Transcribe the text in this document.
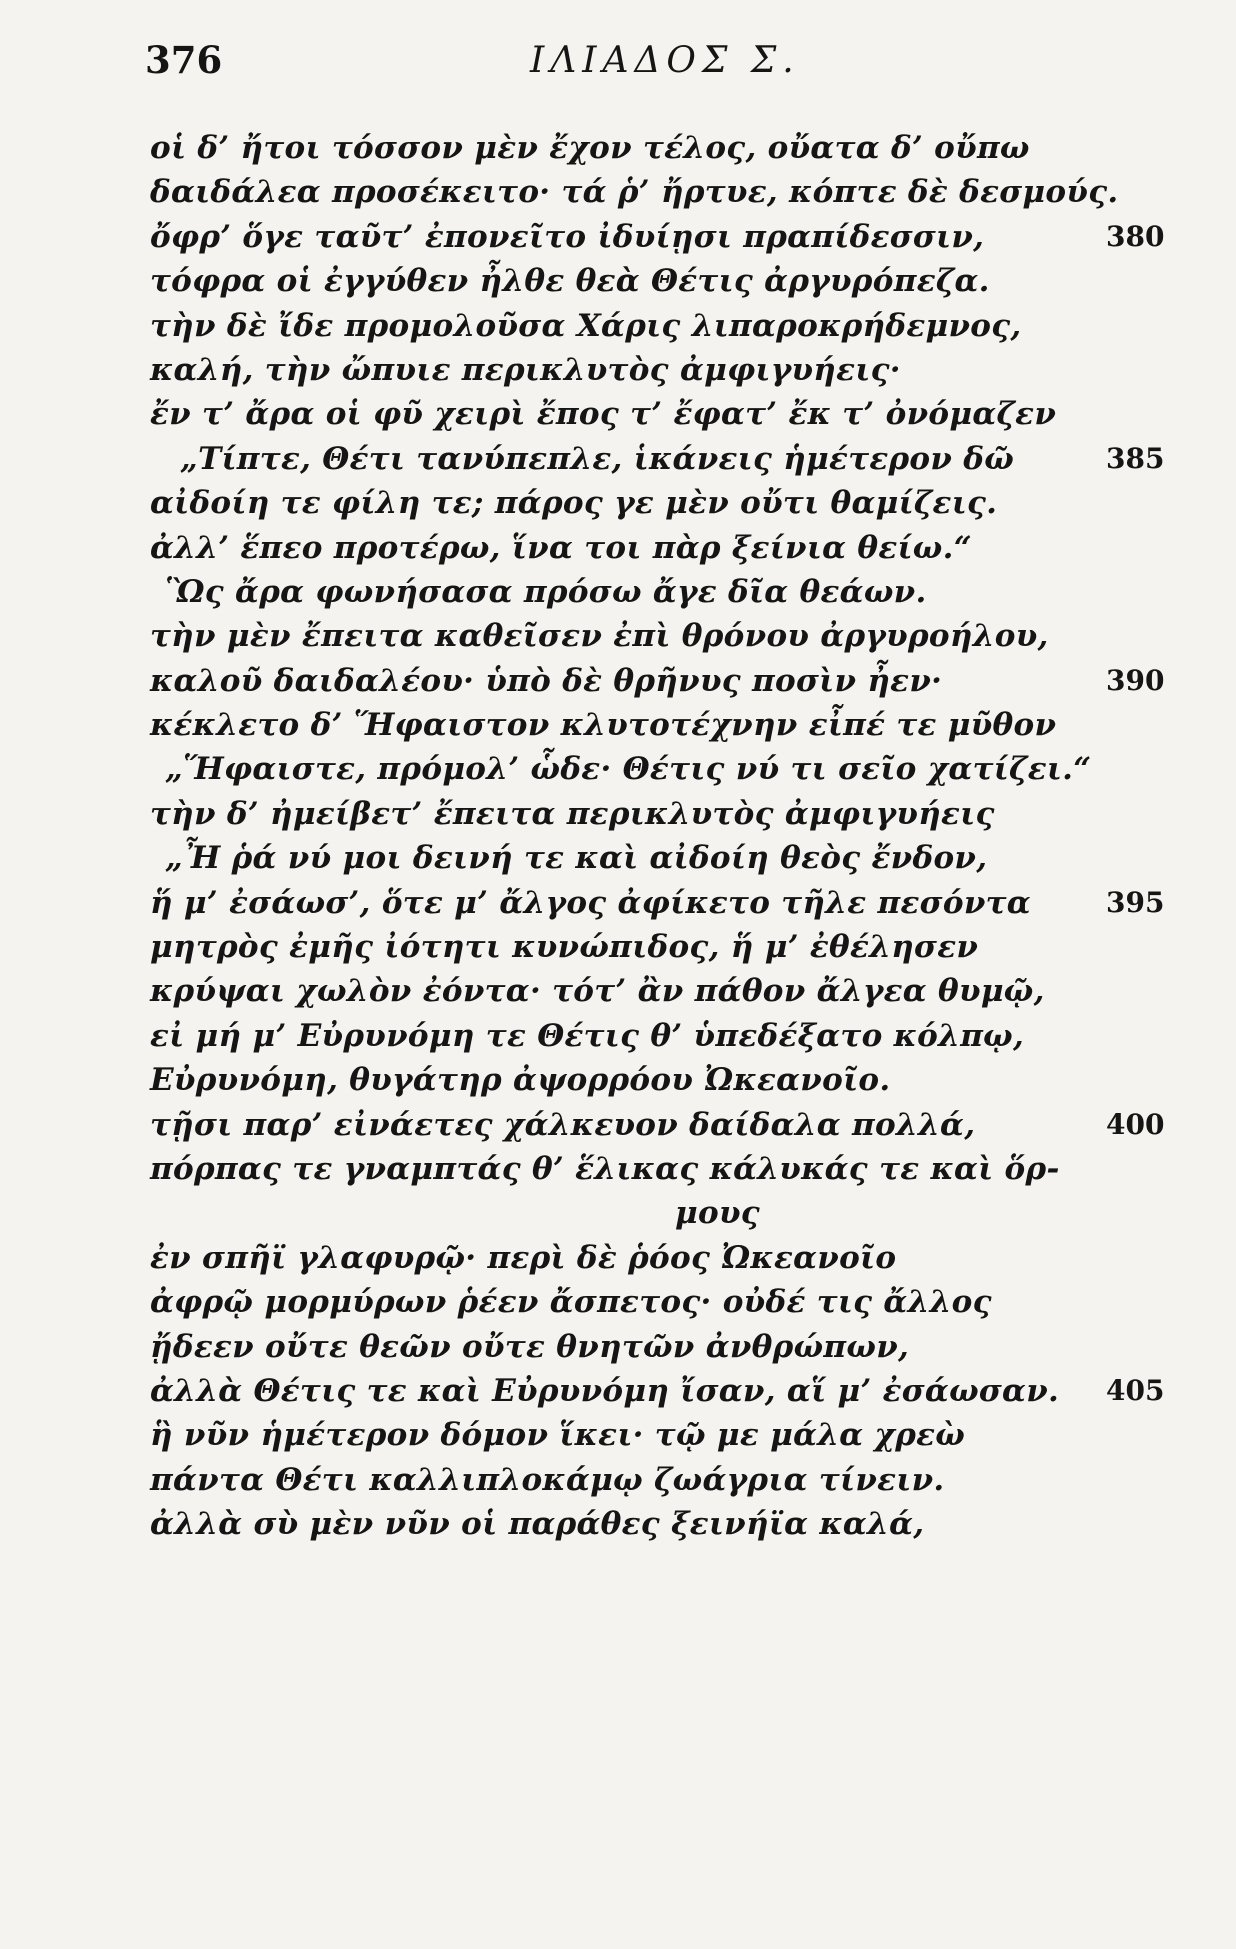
376	ΙΛΙΑΔΟΣ Σ.
οἱ δ’ ἤτοι τόσσον μὲν ἔχον τέλος, οὔατα δ’ οὔπω
δαιδάλεα προσέκειτο· τά ῥ’ ἤρτυε, κόπτε δὲ δεσμούς.
ὄφρ’ ὅγε ταῦτ’ ἐπονεῖτο ἰδυίῃσι πραπίδεσσιν,	380
τόφρα οἱ ἐγγύθεν ἦλθε θεὰ Θέτις ἀργυρόπεζα.
τὴν δὲ ἴδε προμολοῦσα Χάρις λιπαροκρήδεμνος,
καλή, τὴν ὤπυιε περικλυτὸς ἀμφιγυήεις·
ἔν τ’ ἄρα οἱ φῦ χειρὶ ἔπος τ’ ἔφατ’ ἔκ τ’ ὀνόμαζεν
„Τίπτε, Θέτι τανύπεπλε, ἱκάνεις ἡμέτερον δῶ	385
αἰδοίη τε φίλη τε; πάρος γε μὲν οὔτι θαμίζεις.
ἀλλ’ ἕπεο προτέρω, ἵνα τοι πὰρ ξείνια θείω.“
Ὣς ἄρα φωνήσασα πρόσω ἄγε δῖα θεάων.
τὴν μὲν ἔπειτα καθεῖσεν ἐπὶ θρόνου ἀργυροήλου,
καλοῦ δαιδαλέου· ὑπὸ δὲ θρῆνυς ποσὶν ἦεν·	390
κέκλετο δ’ Ἥφαιστον κλυτοτέχνην εἶπέ τε μῦθον
„Ἥφαιστε, πρόμολ’ ὧδε· Θέτις νύ τι σεῖο χατίζει.“
τὴν δ’ ἠμείβετ’ ἔπειτα περικλυτὸς ἀμφιγυήεις
„Ἦ ῥά νύ μοι δεινή τε καὶ αἰδοίη θεὸς ἔνδον,
ἥ μ’ ἐσάωσ’, ὅτε μ’ ἄλγος ἀφίκετο τῆλε πεσόντα	395
μητρὸς ἐμῆς ἰότητι κυνώπιδος, ἥ μ’ ἐθέλησεν
κρύψαι χωλὸν ἐόντα· τότ’ ἂν πάθον ἄλγεα θυμῷ,
εἰ μή μ’ Εὐρυνόμη τε Θέτις θ’ ὑπεδέξατο κόλπῳ,
Εὐρυνόμη, θυγάτηρ ἀψορρόου Ὠκεανοῖο.
τῇσι παρ’ εἰνάετες χάλκευον δαίδαλα πολλά,	400
πόρπας τε γναμπτάς θ’ ἕλικας κάλυκάς τε καὶ ὅρ-
μους
ἐν σπῆϊ γλαφυρῷ· περὶ δὲ ῥόος Ὠκεανοῖο
ἀφρῷ μορμύρων ῥέεν ἄσπετος· οὐδέ τις ἄλλος
ᾔδεεν οὔτε θεῶν οὔτε θνητῶν ἀνθρώπων,
ἀλλὰ Θέτις τε καὶ Εὐρυνόμη ἴσαν, αἵ μ’ ἐσάωσαν. 405
ἣ νῦν ἡμέτερον δόμον ἵκει· τῷ με μάλα χρεὼ
πάντα Θέτι καλλιπλοκάμῳ ζωάγρια τίνειν.
ἀλλὰ σὺ μὲν νῦν οἱ παράθες ξεινήϊα καλά,
